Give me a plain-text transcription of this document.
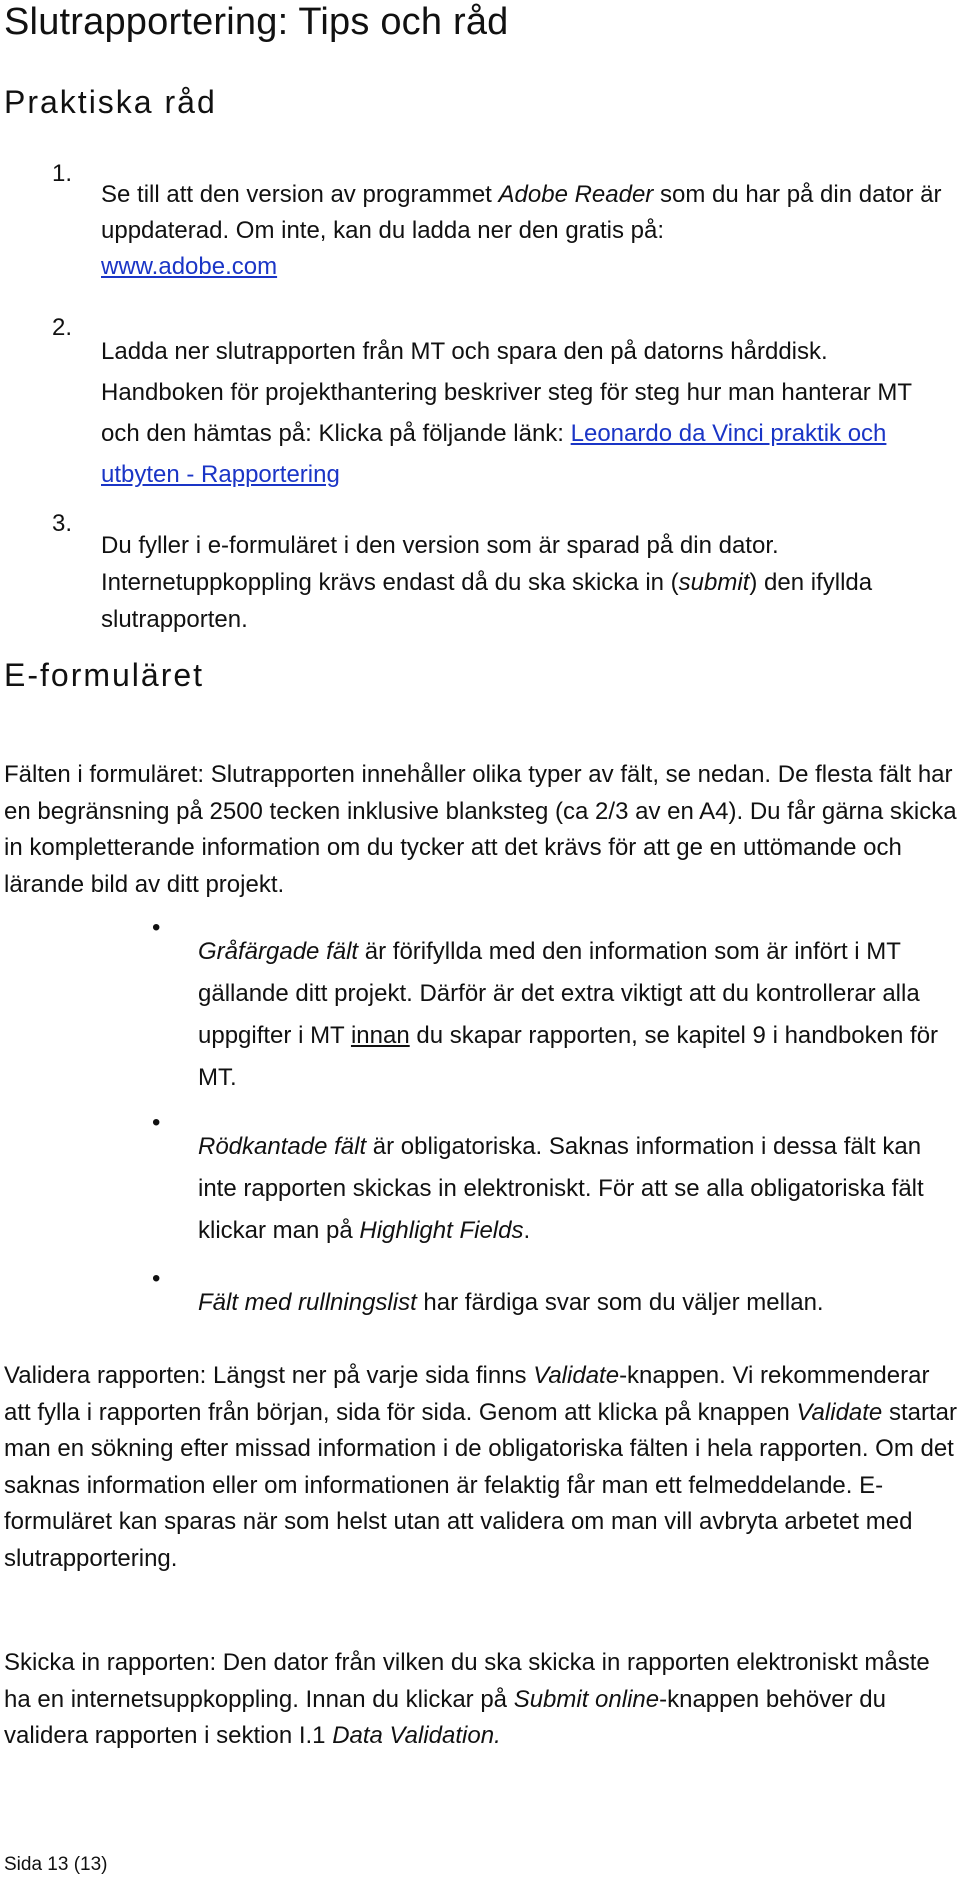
Slutrapportering: Tips och råd
Praktiska råd
1.

Se till att den version av programmet Adobe Reader som du har på din dator är uppdaterad. Om inte, kan du ladda ner den gratis på:
www.adobe.com

2.

Ladda ner slutrapporten från MT och spara den på datorns hårddisk. Handboken för projekthantering beskriver steg för steg hur man hanterar MT och den hämtas på: Klicka på följande länk: Leonardo da Vinci praktik och utbyten - Rapportering

3.

Du fyller i e-formuläret i den version som är sparad på din dator. Internetuppkoppling krävs endast då du ska skicka in (submit) den ifyllda slutrapporten.

E-formuläret

Fälten i formuläret: Slutrapporten innehåller olika typer av fält, se nedan. De flesta fält har en begränsning på 2500 tecken inklusive blanksteg (ca 2/3 av en A4). Du får gärna skicka in kompletterande information om du tycker att det krävs för att ge en uttömande och lärande bild av ditt projekt.

•

Gråfärgade fält är förifyllda med den information som är infört i MT gällande ditt projekt. Därför är det extra viktigt att du kontrollerar alla uppgifter i MT innan du skapar rapporten, se kapitel 9 i handboken för MT.

•

Rödkantade fält är obligatoriska. Saknas information i dessa fält kan inte rapporten skickas in elektroniskt. För att se alla obligatoriska fält klickar man på Highlight Fields.

•

Fält med rullningslist har färdiga svar som du väljer mellan.

Validera rapporten: Längst ner på varje sida finns Validate-knappen. Vi rekommenderar att fylla i rapporten från början, sida för sida. Genom att klicka på knappen Validate startar man en sökning efter missad information i de obligatoriska fälten i hela rapporten. Om det saknas information eller om informationen är felaktig får man ett felmeddelande. E-formuläret kan sparas när som helst utan att validera om man vill avbryta arbetet med slutrapportering.

Skicka in rapporten: Den dator från vilken du ska skicka in rapporten elektroniskt måste ha en internetsuppkoppling. Innan du klickar på Submit online-knappen behöver du validera rapporten i sektion I.1 Data Validation.

Sida 13 (13)
